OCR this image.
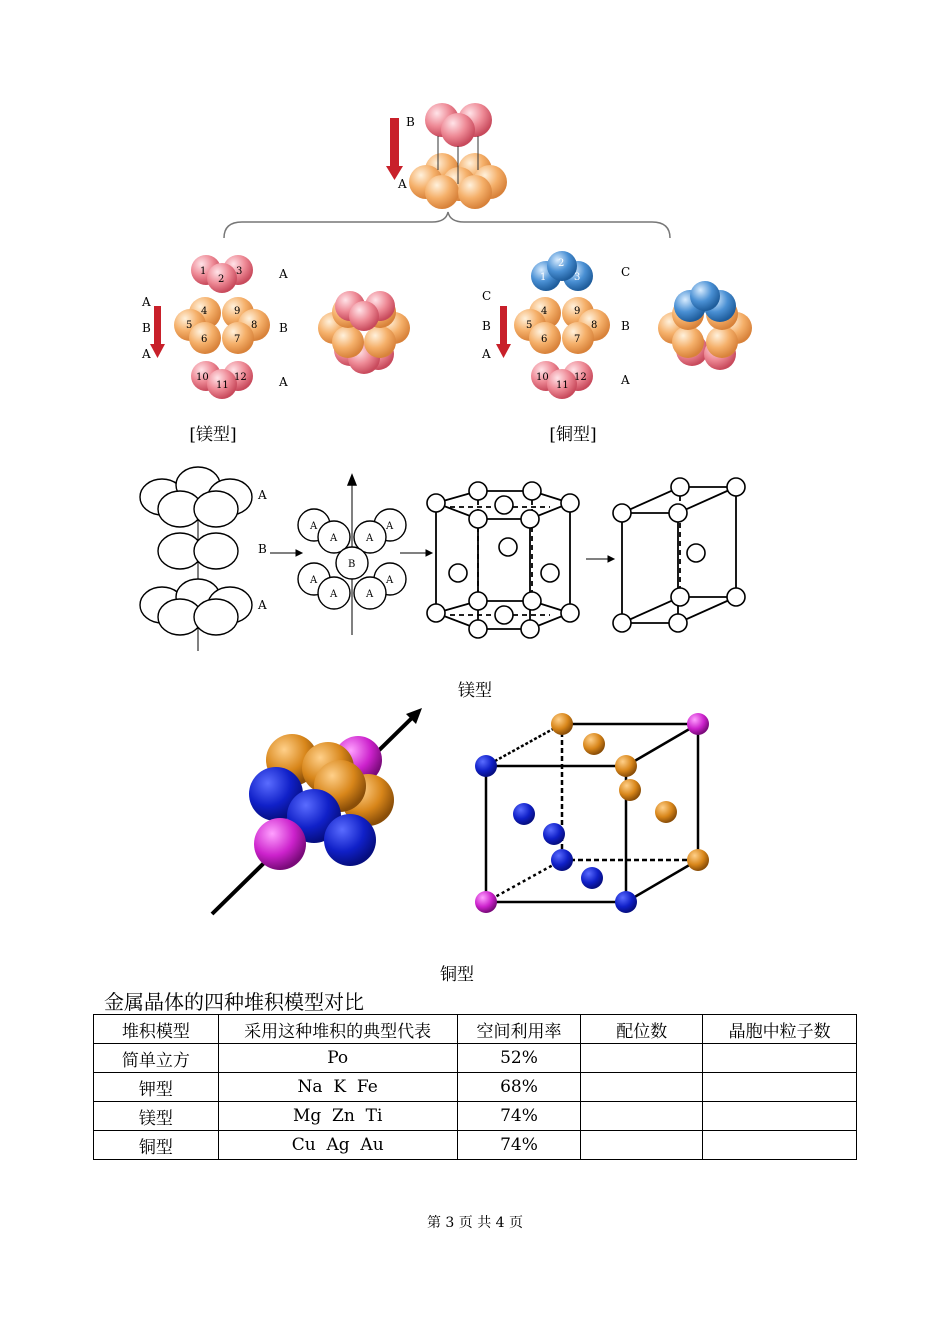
B
A
A
B
A
1
2
3
4	9
5	8
6	7
10
11
12
A
B
A
C
B
A
1
2
3
4	9
5	8
6	7
10
11
12
C
B
A
[镁型]	[铜型]
A
B
A
A	A
A	A
B
A	A
A	A
镁型
铜型
金属晶体的四种堆积模型对比
堆积模型	采用这种堆积的典型代表	空间利用率	配位数	晶胞中粒子数
简单立方	Po	52%		
钾型	Na  K  Fe	68%		
镁型	Mg  Zn  Ti	74%		
铜型	Cu  Ag  Au	74%		
第 3 页 共 4 页
